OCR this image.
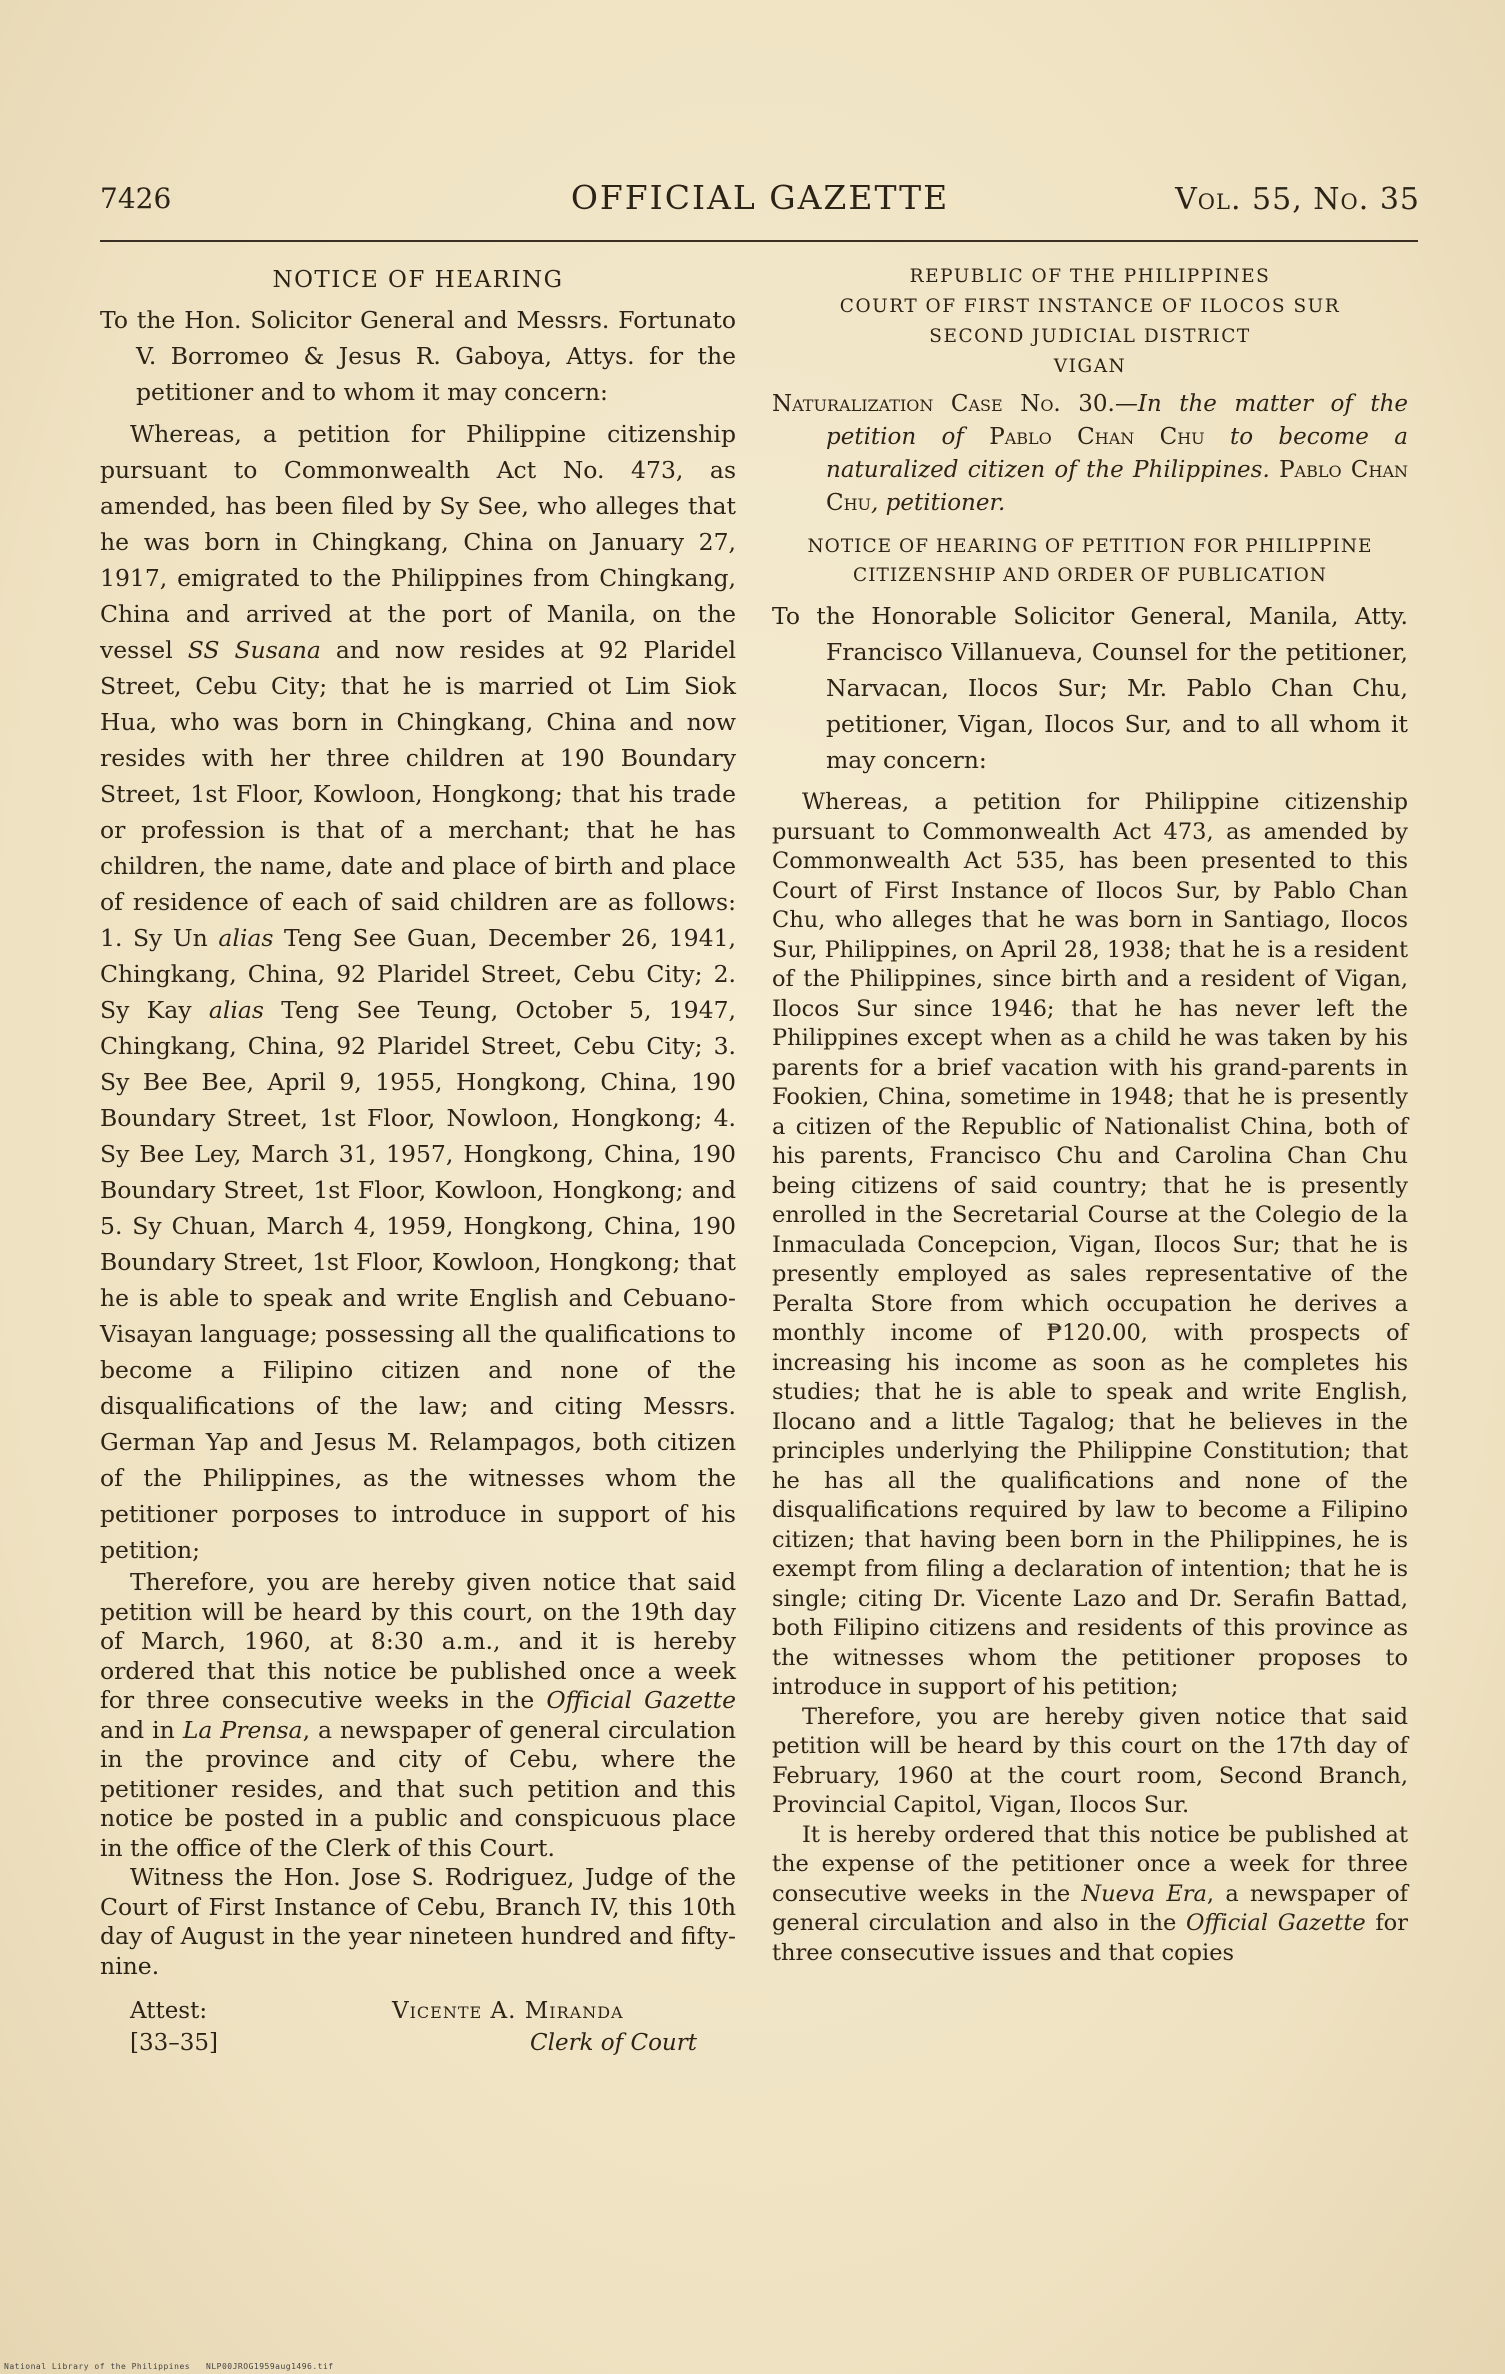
7426	OFFICIAL GAZETTE	Vol. 55, No. 35
NOTICE OF HEARING

To the Hon. Solicitor General and Messrs. Fortunato V. Borromeo & Jesus R. Gaboya, Attys. for the petitioner and to whom it may concern:

Whereas, a petition for Philippine citizenship pursuant to Commonwealth Act No. 473, as amended, has been filed by Sy See, who alleges that he was born in Chingkang, China on January 27, 1917, emigrated to the Philippines from Chingkang, China and arrived at the port of Manila, on the vessel SS Susana and now resides at 92 Plaridel Street, Cebu City; that he is married ot Lim Siok Hua, who was born in Chingkang, China and now resides with her three children at 190 Boundary Street, 1st Floor, Kowloon, Hongkong; that his trade or profession is that of a merchant; that he has children, the name, date and place of birth and place of residence of each of said children are as follows: 1. Sy Un alias Teng See Guan, December 26, 1941, Chingkang, China, 92 Plaridel Street, Cebu City; 2. Sy Kay alias Teng See Teung, October 5, 1947, Chingkang, China, 92 Plaridel Street, Cebu City; 3. Sy Bee Bee, April 9, 1955, Hongkong, China, 190 Boundary Street, 1st Floor, Nowloon, Hongkong; 4. Sy Bee Ley, March 31, 1957, Hongkong, China, 190 Boundary Street, 1st Floor, Kowloon, Hongkong; and 5. Sy Chuan, March 4, 1959, Hongkong, China, 190 Boundary Street, 1st Floor, Kowloon, Hongkong; that he is able to speak and write English and Cebuano-Visayan language; possessing all the qualifications to become a Filipino citizen and none of the disqualifications of the law; and citing Messrs. German Yap and Jesus M. Relampagos, both citizen of the Philippines, as the witnesses whom the petitioner porposes to introduce in support of his petition;

Therefore, you are hereby given notice that said petition will be heard by this court, on the 19th day of March, 1960, at 8:30 a.m., and it is hereby ordered that this notice be published once a week for three consecutive weeks in the Official Gazette and in La Prensa, a newspaper of general circulation in the province and city of Cebu, where the petitioner resides, and that such petition and this notice be posted in a public and conspicuous place in the office of the Clerk of this Court.

Witness the Hon. Jose S. Rodriguez, Judge of the Court of First Instance of Cebu, Branch IV, this 10th day of August in the year nineteen hundred and fifty-nine.

Attest:	Vicente A. Miranda
[33–35]	Clerk of Court
REPUBLIC OF THE PHILIPPINES
COURT OF FIRST INSTANCE OF ILOCOS SUR
SECOND JUDICIAL DISTRICT
VIGAN

Naturalization Case No. 30.—In the matter of the petition of Pablo Chan Chu to become a naturalized citizen of the Philippines. Pablo Chan Chu, petitioner.

NOTICE OF HEARING OF PETITION FOR PHILIPPINE CITIZENSHIP AND ORDER OF PUBLICATION

To the Honorable Solicitor General, Manila, Atty. Francisco Villanueva, Counsel for the petitioner, Narvacan, Ilocos Sur; Mr. Pablo Chan Chu, petitioner, Vigan, Ilocos Sur, and to all whom it may concern:

Whereas, a petition for Philippine citizenship pursuant to Commonwealth Act 473, as amended by Commonwealth Act 535, has been presented to this Court of First Instance of Ilocos Sur, by Pablo Chan Chu, who alleges that he was born in Santiago, Ilocos Sur, Philippines, on April 28, 1938; that he is a resident of the Philippines, since birth and a resident of Vigan, Ilocos Sur since 1946; that he has never left the Philippines except when as a child he was taken by his parents for a brief vacation with his grand-parents in Fookien, China, sometime in 1948; that he is presently a citizen of the Republic of Nationalist China, both of his parents, Francisco Chu and Carolina Chan Chu being citizens of said country; that he is presently enrolled in the Secretarial Course at the Colegio de la Inmaculada Concepcion, Vigan, Ilocos Sur; that he is presently employed as sales representative of the Peralta Store from which occupation he derives a monthly income of ₱120.00, with prospects of increasing his income as soon as he completes his studies; that he is able to speak and write English, Ilocano and a little Tagalog; that he believes in the principles underlying the Philippine Constitution; that he has all the qualifications and none of the disqualifications required by law to become a Filipino citizen; that having been born in the Philippines, he is exempt from filing a declaration of intention; that he is single; citing Dr. Vicente Lazo and Dr. Serafin Battad, both Filipino citizens and residents of this province as the witnesses whom the petitioner proposes to introduce in support of his petition;

Therefore, you are hereby given notice that said petition will be heard by this court on the 17th day of February, 1960 at the court room, Second Branch, Provincial Capitol, Vigan, Ilocos Sur.

It is hereby ordered that this notice be published at the expense of the petitioner once a week for three consecutive weeks in the Nueva Era, a newspaper of general circulation and also in the Official Gazette for three consecutive issues and that copies

National Library of the Philippines NLP00JROG1959aug1496.tif
